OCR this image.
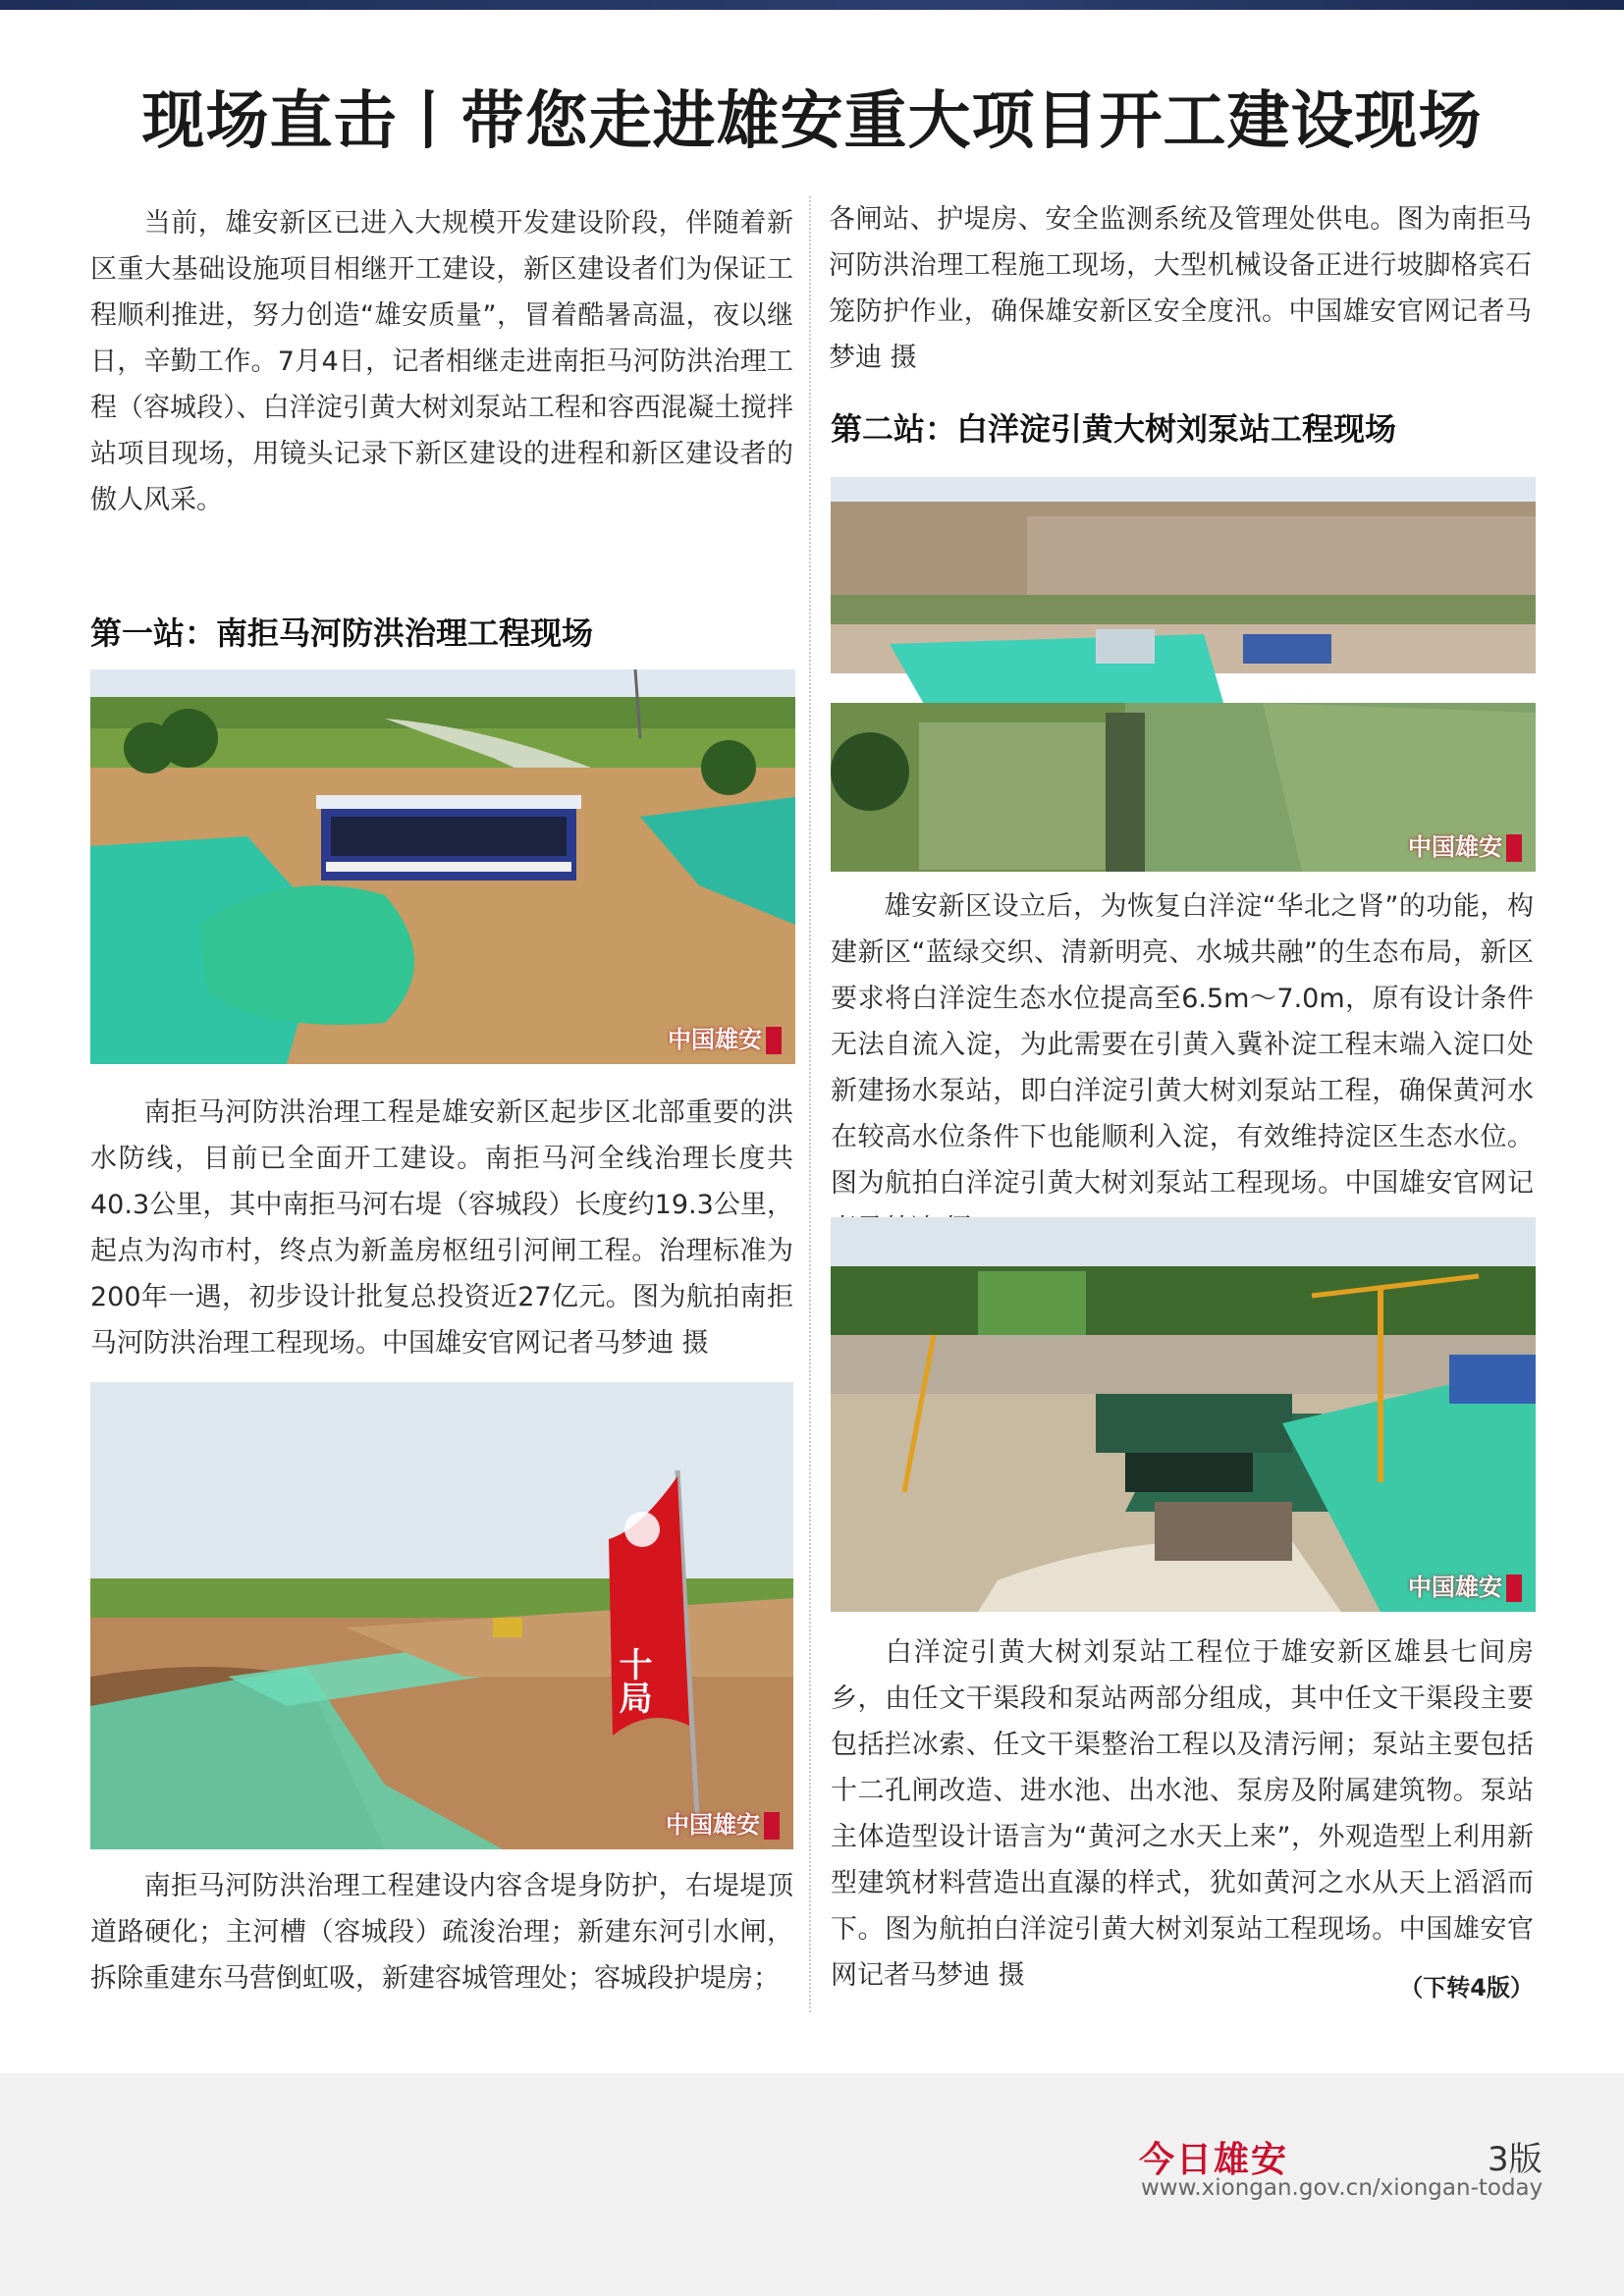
现场直击丨带您走进雄安重大项目开工建设现场

当前，雄安新区已进入大规模开发建设阶段，伴随着新区重大基础设施项目相继开工建设，新区建设者们为保证工程顺利推进，努力创造“雄安质量”，冒着酷暑高温，夜以继日，辛勤工作。7月4日，记者相继走进南拒马河防洪治理工程（容城段）、白洋淀引黄大树刘泵站工程和容西混凝土搅拌站项目现场，用镜头记录下新区建设的进程和新区建设者的傲人风采。

第一站：南拒马河防洪治理工程现场
中国雄安

南拒马河防洪治理工程是雄安新区起步区北部重要的洪水防线，目前已全面开工建设。南拒马河全线治理长度共40.3公里，其中南拒马河右堤（容城段）长度约19.3公里，起点为沟市村，终点为新盖房枢纽引河闸工程。治理标准为200年一遇，初步设计批复总投资近27亿元。图为航拍南拒马河防洪治理工程现场。中国雄安官网记者马梦迪 摄

十局
中国雄安

南拒马河防洪治理工程建设内容含堤身防护，右堤堤顶道路硬化；主河槽（容城段）疏浚治理；新建东河引水闸，拆除重建东马营倒虹吸，新建容城管理处；容城段护堤房；

各闸站、护堤房、安全监测系统及管理处供电。图为南拒马河防洪治理工程施工现场，大型机械设备正进行坡脚格宾石笼防护作业，确保雄安新区安全度汛。中国雄安官网记者马梦迪 摄

第二站：白洋淀引黄大树刘泵站工程现场
中国雄安

雄安新区设立后，为恢复白洋淀“华北之肾”的功能，构建新区“蓝绿交织、清新明亮、水城共融”的生态布局，新区要求将白洋淀生态水位提高至6.5m～7.0m，原有设计条件无法自流入淀，为此需要在引黄入冀补淀工程末端入淀口处新建扬水泵站，即白洋淀引黄大树刘泵站工程，确保黄河水在较高水位条件下也能顺利入淀，有效维持淀区生态水位。图为航拍白洋淀引黄大树刘泵站工程现场。中国雄安官网记

中国雄安

白洋淀引黄大树刘泵站工程位于雄安新区雄县七间房乡，由任文干渠段和泵站两部分组成，其中任文干渠段主要包括拦冰索、任文干渠整治工程以及清污闸；泵站主要包括十二孔闸改造、进水池、出水池、泵房及附属建筑物。泵站主体造型设计语言为“黄河之水天上来”，外观造型上利用新型建筑材料营造出直瀑的样式，犹如黄河之水从天上滔滔而下。图为航拍白洋淀引黄大树刘泵站工程现场。中国雄安官网记者马梦迪 摄	（下转4版）
今日雄安	3版
www.xiongan.gov.cn/xiongan-today
